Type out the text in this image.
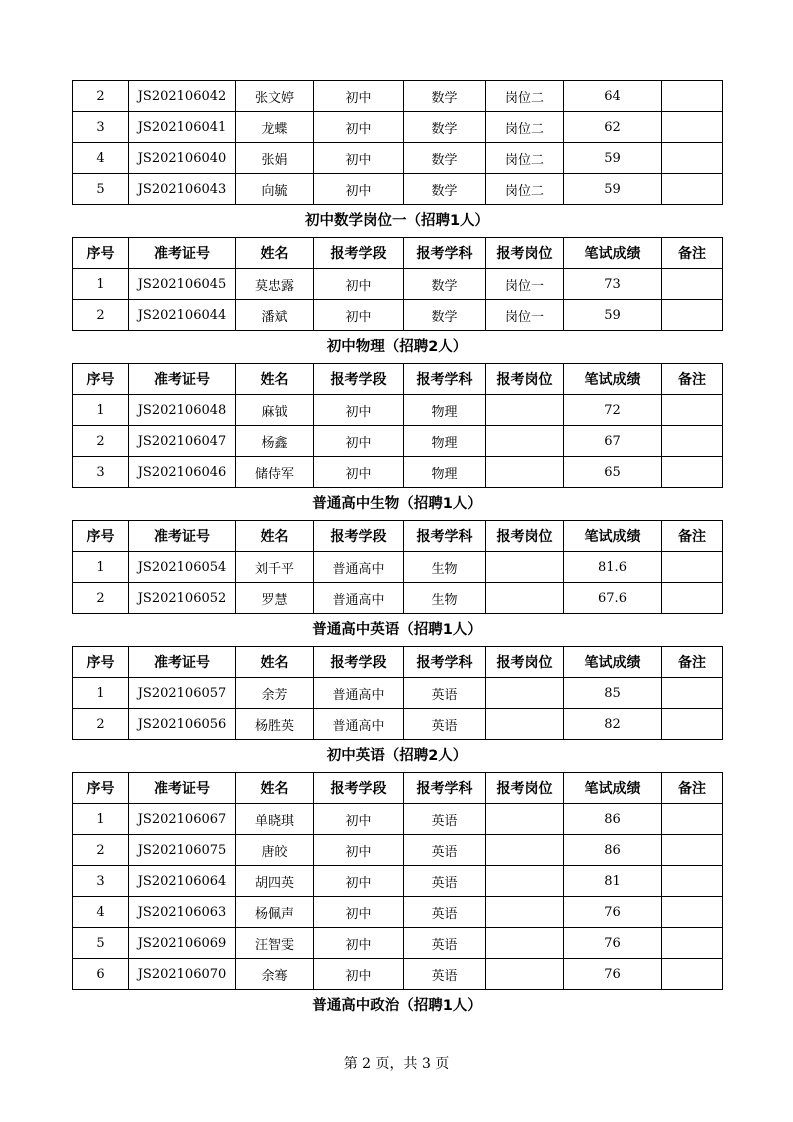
2	JS202106042	张文婷	初中	数学	岗位二	64	
3	JS202106041	龙蝶	初中	数学	岗位二	62	
4	JS202106040	张娟	初中	数学	岗位二	59	
5	JS202106043	向毓	初中	数学	岗位二	59	
初中数学岗位一（招聘1人）
序号	准考证号	姓名	报考学段	报考学科	报考岗位	笔试成绩	备注
1	JS202106045	莫忠露	初中	数学	岗位一	73	
2	JS202106044	潘斌	初中	数学	岗位一	59	
初中物理（招聘2人）
序号	准考证号	姓名	报考学段	报考学科	报考岗位	笔试成绩	备注
1	JS202106048	麻钺	初中	物理		72	
2	JS202106047	杨鑫	初中	物理		67	
3	JS202106046	储侍军	初中	物理		65	
普通高中生物（招聘1人）
序号	准考证号	姓名	报考学段	报考学科	报考岗位	笔试成绩	备注
1	JS202106054	刘千平	普通高中	生物		81.6	
2	JS202106052	罗慧	普通高中	生物		67.6	
普通高中英语（招聘1人）
序号	准考证号	姓名	报考学段	报考学科	报考岗位	笔试成绩	备注
1	JS202106057	余芳	普通高中	英语		85	
2	JS202106056	杨胜英	普通高中	英语		82	
初中英语（招聘2人）
序号	准考证号	姓名	报考学段	报考学科	报考岗位	笔试成绩	备注
1	JS202106067	单晓琪	初中	英语		86	
2	JS202106075	唐皎	初中	英语		86	
3	JS202106064	胡四英	初中	英语		81	
4	JS202106063	杨佩声	初中	英语		76	
5	JS202106069	汪智雯	初中	英语		76	
6	JS202106070	余骞	初中	英语		76	
普通高中政治（招聘1人）
第 2 页，共 3 页
